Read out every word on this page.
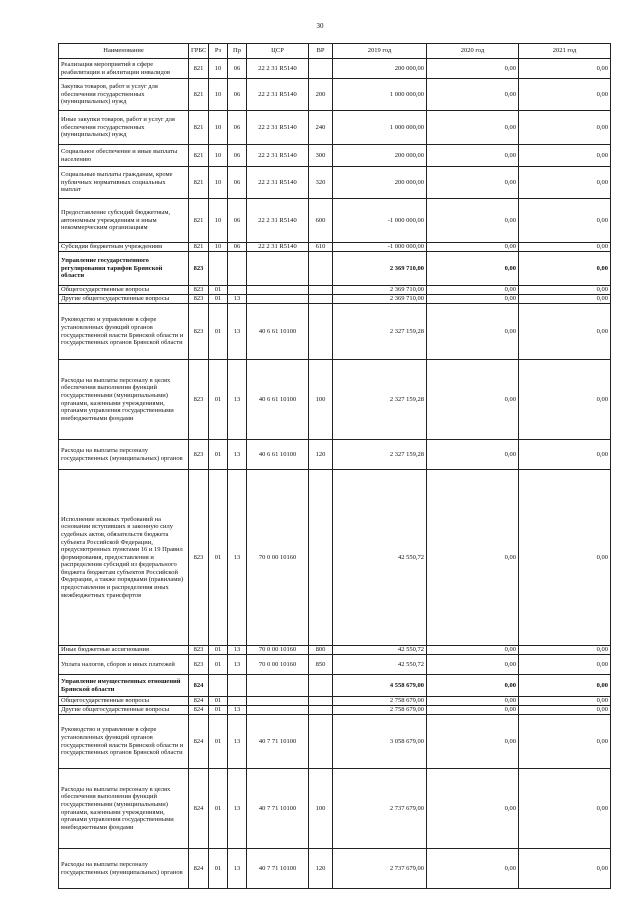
30
Наименование	ГРБС	Рз	Пр	ЦСР	ВР	2019 год	2020 год	2021 год
Реализация мероприятий в сфере реабилитации и абилитации инвалидов	821	10	06	22 2 31 R5140		200 000,00	0,00	0,00
Закупка товаров, работ и услуг для обеспечения государственных (муниципальных) нужд	821	10	06	22 2 31 R5140	200	1 000 000,00	0,00	0,00
Иные закупки товаров, работ и услуг для обеспечения государственных (муниципальных) нужд	821	10	06	22 2 31 R5140	240	1 000 000,00	0,00	0,00
Социальное обеспечение и иные выплаты населению	821	10	06	22 2 31 R5140	300	200 000,00	0,00	0,00
Социальные выплаты гражданам, кроме публичных нормативных социальных выплат	821	10	06	22 2 31 R5140	320	200 000,00	0,00	0,00
Предоставление субсидий бюджетным, автономным учреждениям и иным некоммерческим организациям	821	10	06	22 2 31 R5140	600	-1 000 000,00	0,00	0,00
Субсидии бюджетным учреждениям	821	10	06	22 2 31 R5140	610	-1 000 000,00	0,00	0,00
Управление государственного регулирования тарифов Брянской области	823					2 369 710,00	0,00	0,00
Общегосударственные вопросы	823	01				2 369 710,00	0,00	0,00
Другие общегосударственные вопросы	823	01	13			2 369 710,00	0,00	0,00
Руководство и управление в сфере установленных функций органов государственной власти Брянской области и государственных органов Брянской области	823	01	13	40 6 61 10100		2 327 159,28	0,00	0,00
Расходы на выплаты персоналу в целях обеспечения выполнения функций государственными (муниципальными) органами, казенными учреждениями, органами управления государственными внебюджетными фондами	823	01	13	40 6 61 10100	100	2 327 159,28	0,00	0,00
Расходы на выплаты персоналу государственных (муниципальных) органов	823	01	13	40 6 61 10100	120	2 327 159,28	0,00	0,00
Исполнение исковых требований на основании вступивших в законную силу судебных актов, обязательств бюджета субъекта Российской Федерации, предусмотренных пунктами 16 и 19 Правил формирования, предоставления и распределения субсидий из федерального бюджета бюджетам субъектов Российской Федерации, а также порядками (правилами) предоставления и распределения иных межбюджетных трансфертов	823	01	13	70 0 00 10160		42 550,72	0,00	0,00
Иные бюджетные ассигнования	823	01	13	70 0 00 10160	800	42 550,72	0,00	0,00
Уплата налогов, сборов и иных платежей	823	01	13	70 0 00 10160	850	42 550,72	0,00	0,00
Управление имущественных отношений Брянской области	824					4 558 679,00	0,00	0,00
Общегосударственные вопросы	824	01				2 758 679,00	0,00	0,00
Другие общегосударственные вопросы	824	01	13			2 758 679,00	0,00	0,00
Руководство и управление в сфере установленных функций органов государственной власти Брянской области и государственных органов Брянской области	824	01	13	40 7 71 10100		3 058 679,00	0,00	0,00
Расходы на выплаты персоналу в целях обеспечения выполнения функций государственными (муниципальными) органами, казенными учреждениями, органами управления государственными внебюджетными фондами	824	01	13	40 7 71 10100	100	2 737 679,00	0,00	0,00
Расходы на выплаты персоналу государственных (муниципальных) органов	824	01	13	40 7 71 10100	120	2 737 679,00	0,00	0,00
